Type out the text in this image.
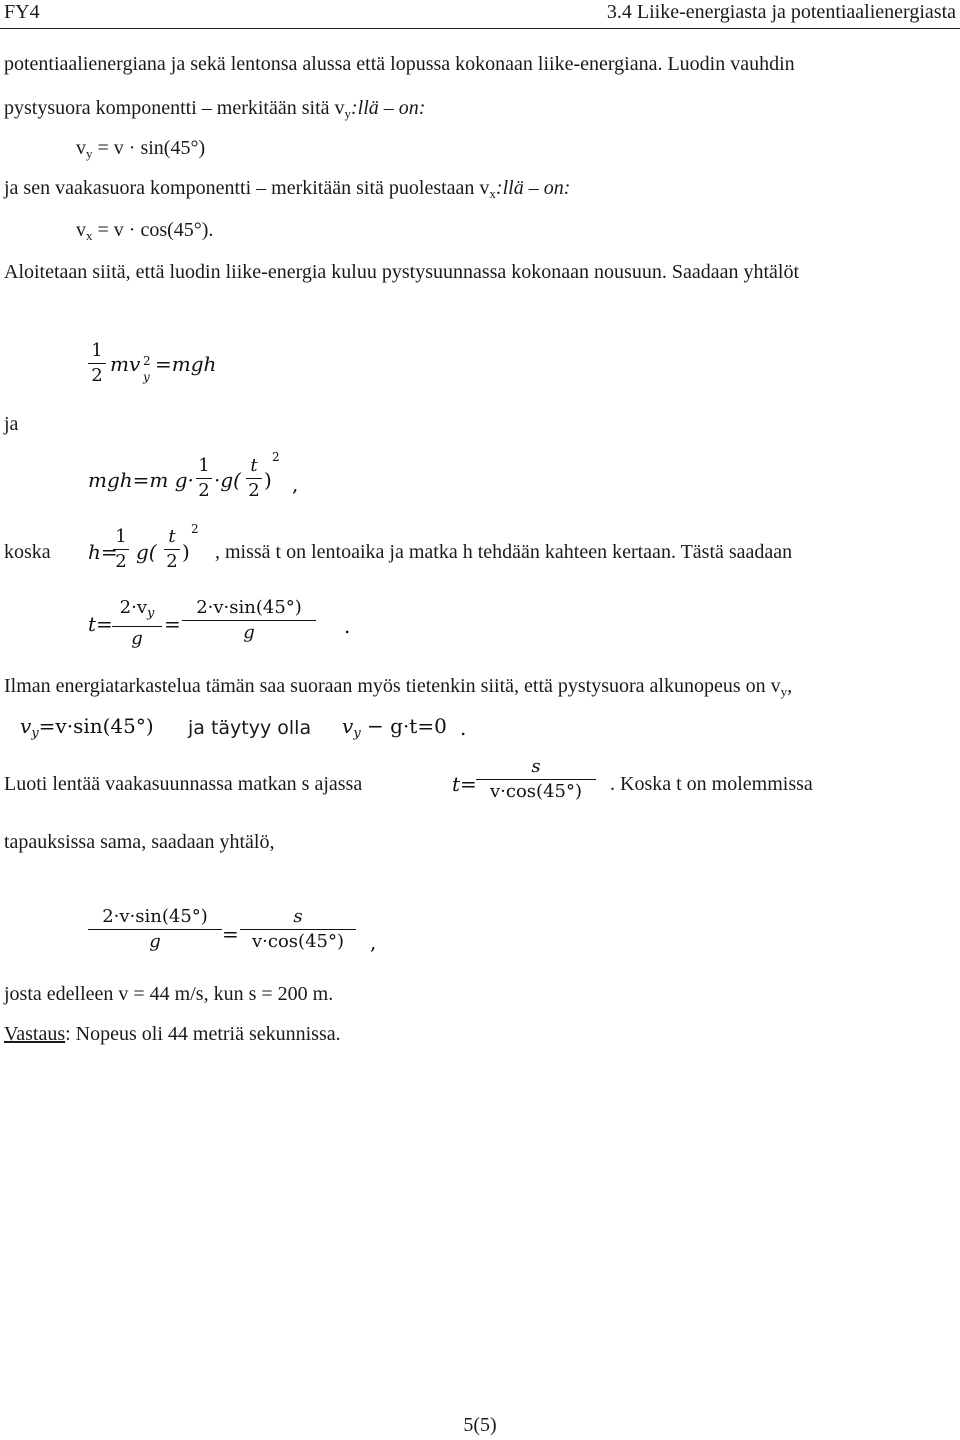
FY4	3.4 Liike-energiasta ja potentiaalienergiasta
potentiaalienergiana ja sekä lentonsa alussa että lopussa kokonaan liike-energiana. Luodin vauhdin
pystysuora komponentti – merkitään sitä $v_y:llä$ – on:
$v_y = v \cdot \sin(45^\circ)$
ja sen vaakasuora komponentti – merkitään sitä puolestaan $v_x:llä$ – on:
$v_x = v \cdot \cos(45^\circ)$.
Aloitetaan siitä, että luodin liike-energia kuluu pystysuunnassa kokonaan nousuun. Saadaan yhtälöt
1
2 mv 2
y
=mgh
ja
mgh=m g·
1
2 ·g(
t
2 )
2
,
koska h=
1
2 g(
t
2 )
2
, missä t on lentoaika ja matka h tehdään kahteen kertaan. Tästä saadaan
t=
$2\cdot v_y$
g
=
2·v·sin(45°)
g	.
Ilman energiatarkastelua tämän saa suoraan myös tietenkin siitä, että pystysuora alkunopeus on $v_y$,
$v_y=v\cdot\sin(45^\circ)$ ja täytyy olla $v_y - g\cdot t=0$ .
Luoti lentää vaakasuunnassa matkan s ajassa	t=
s
v·cos(45°)	. Koska t on molemmissa
tapauksissa sama, saadaan yhtälö,
2·v·sin(45°)
g	=
s
v·cos(45°)	,
josta edelleen v = 44 m/s, kun s = 200 m.
Vastaus: Nopeus oli 44 metriä sekunnissa.
5(5)
